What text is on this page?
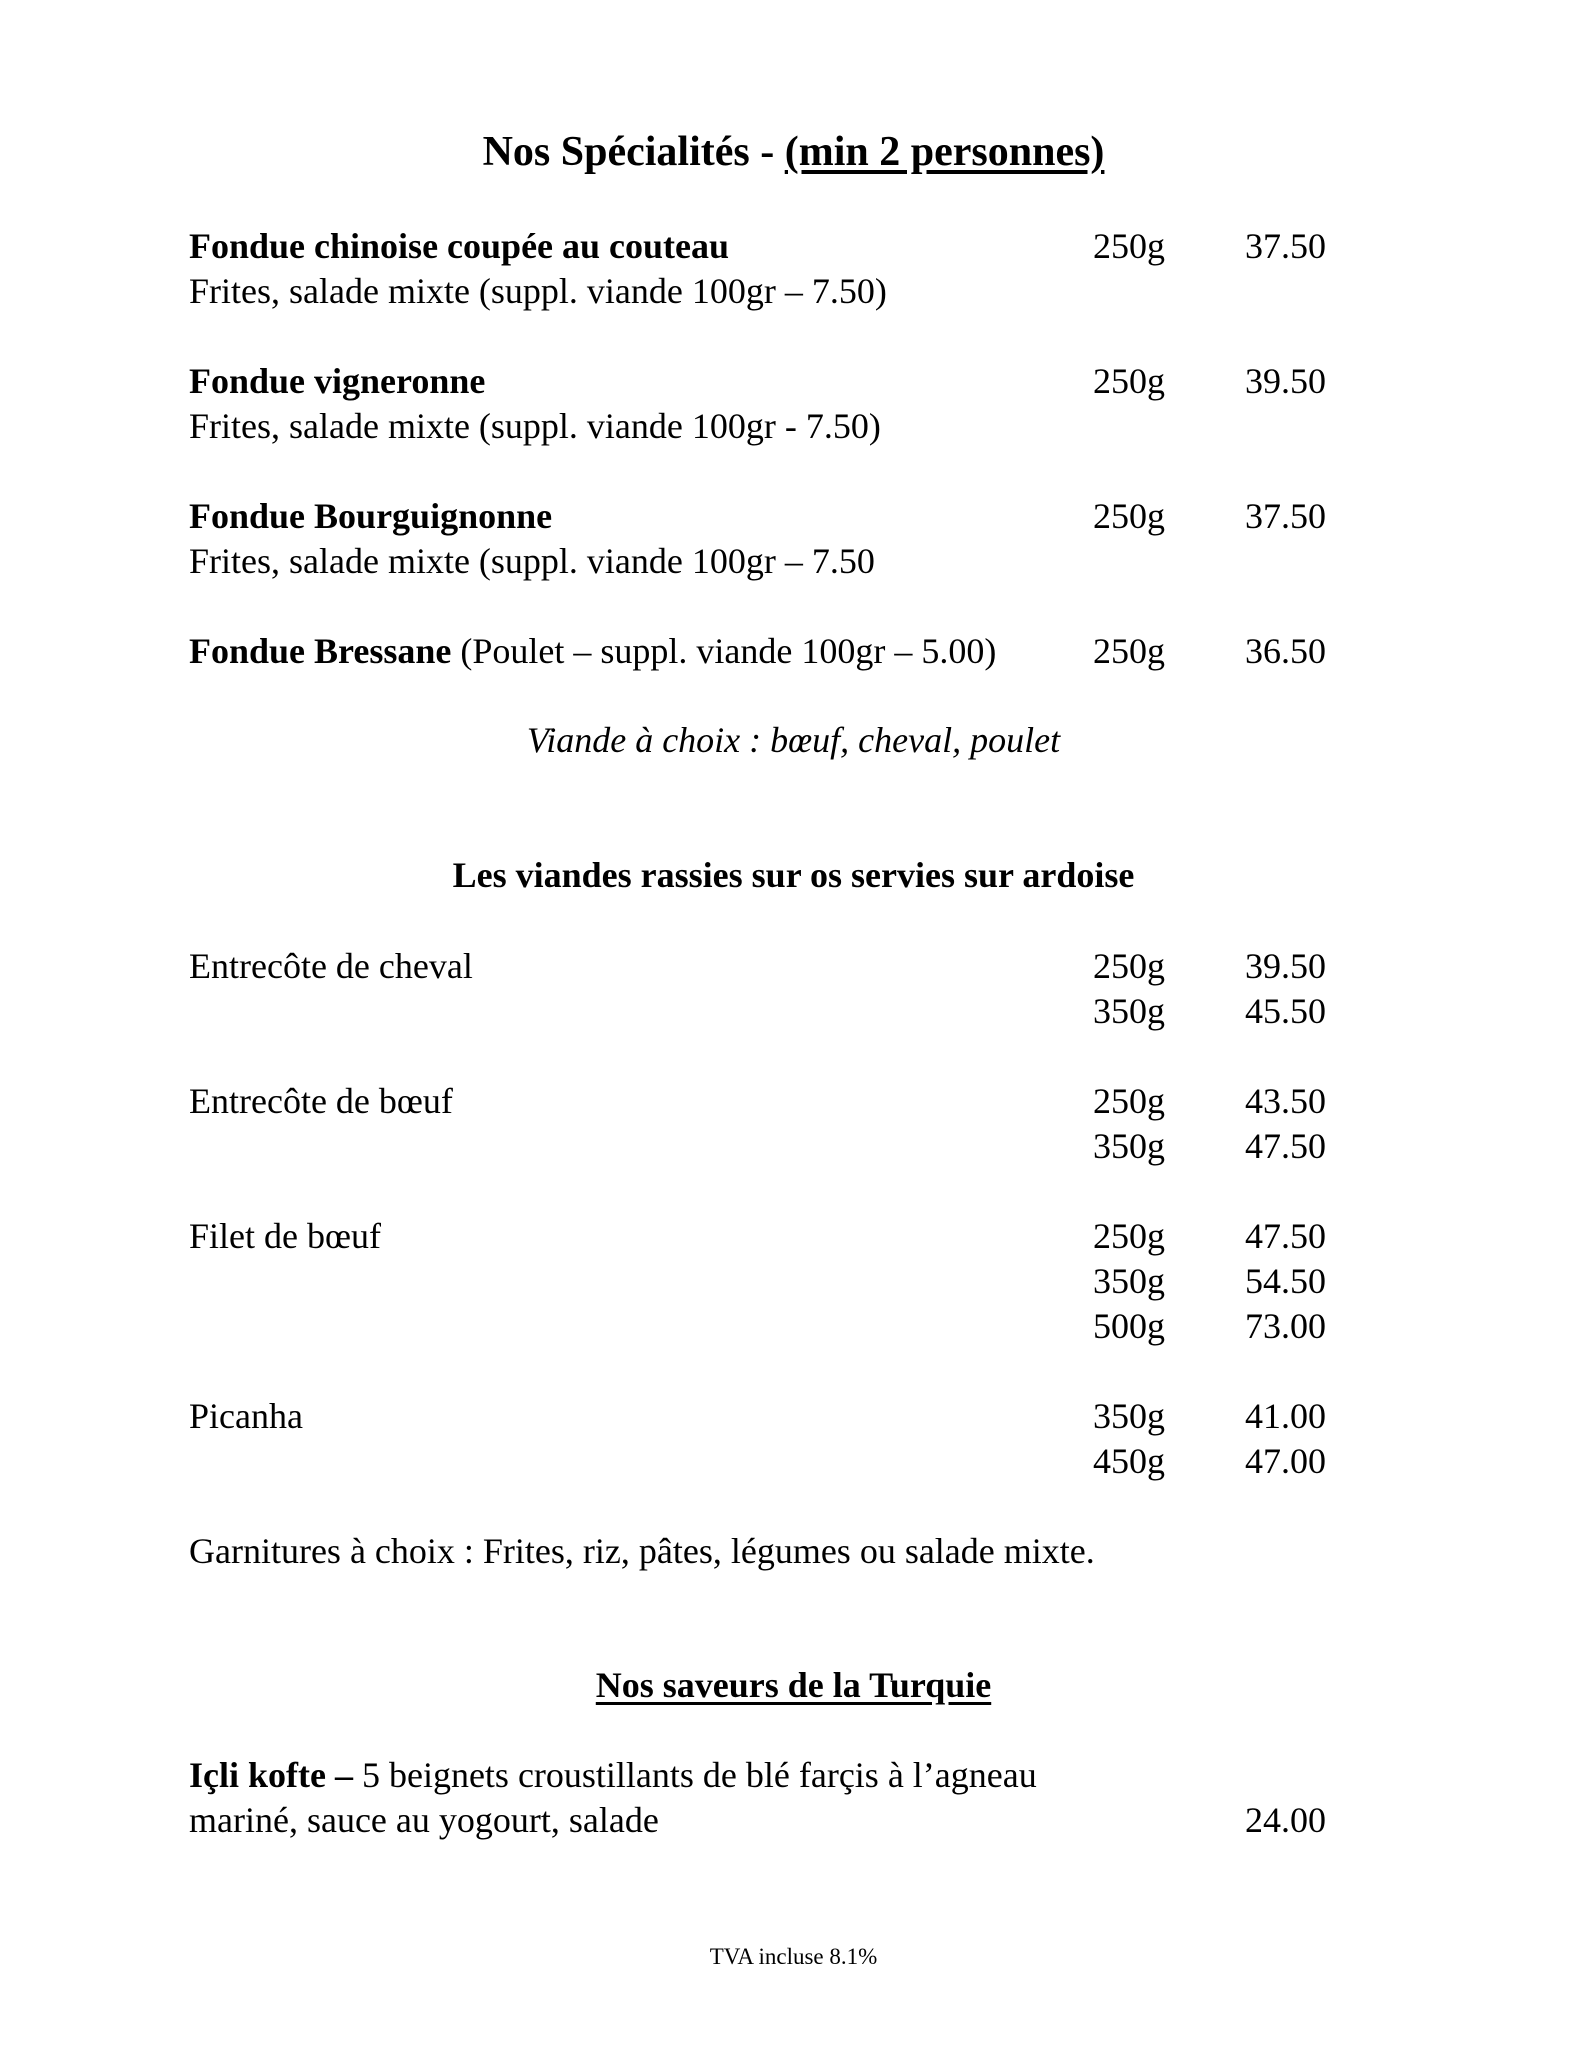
Nos Spécialités - (min 2 personnes)
Fondue chinoise coupée au couteau	250g 37.50
Frites, salade mixte (suppl. viande 100gr – 7.50)
Fondue vigneronne	250g 39.50
Frites, salade mixte (suppl. viande 100gr - 7.50)
Fondue Bourguignonne	250g 37.50
Frites, salade mixte (suppl. viande 100gr – 7.50
Fondue Bressane (Poulet – suppl. viande 100gr – 5.00)	250g 36.50
Viande à choix : bœuf, cheval, poulet
Les viandes rassies sur os servies sur ardoise
Entrecôte de cheval	250g 39.50
350g 45.50
Entrecôte de bœuf	250g 43.50
350g 47.50
Filet de bœuf	250g 47.50
350g 54.50
500g 73.00
Picanha	350g 41.00
450g 47.00
Garnitures à choix : Frites, riz, pâtes, légumes ou salade mixte.
Nos saveurs de la Turquie
Içli kofte – 5 beignets croustillants de blé farçis à l’agneau
mariné, sauce au yogourt, salade	24.00
TVA incluse 8.1%
